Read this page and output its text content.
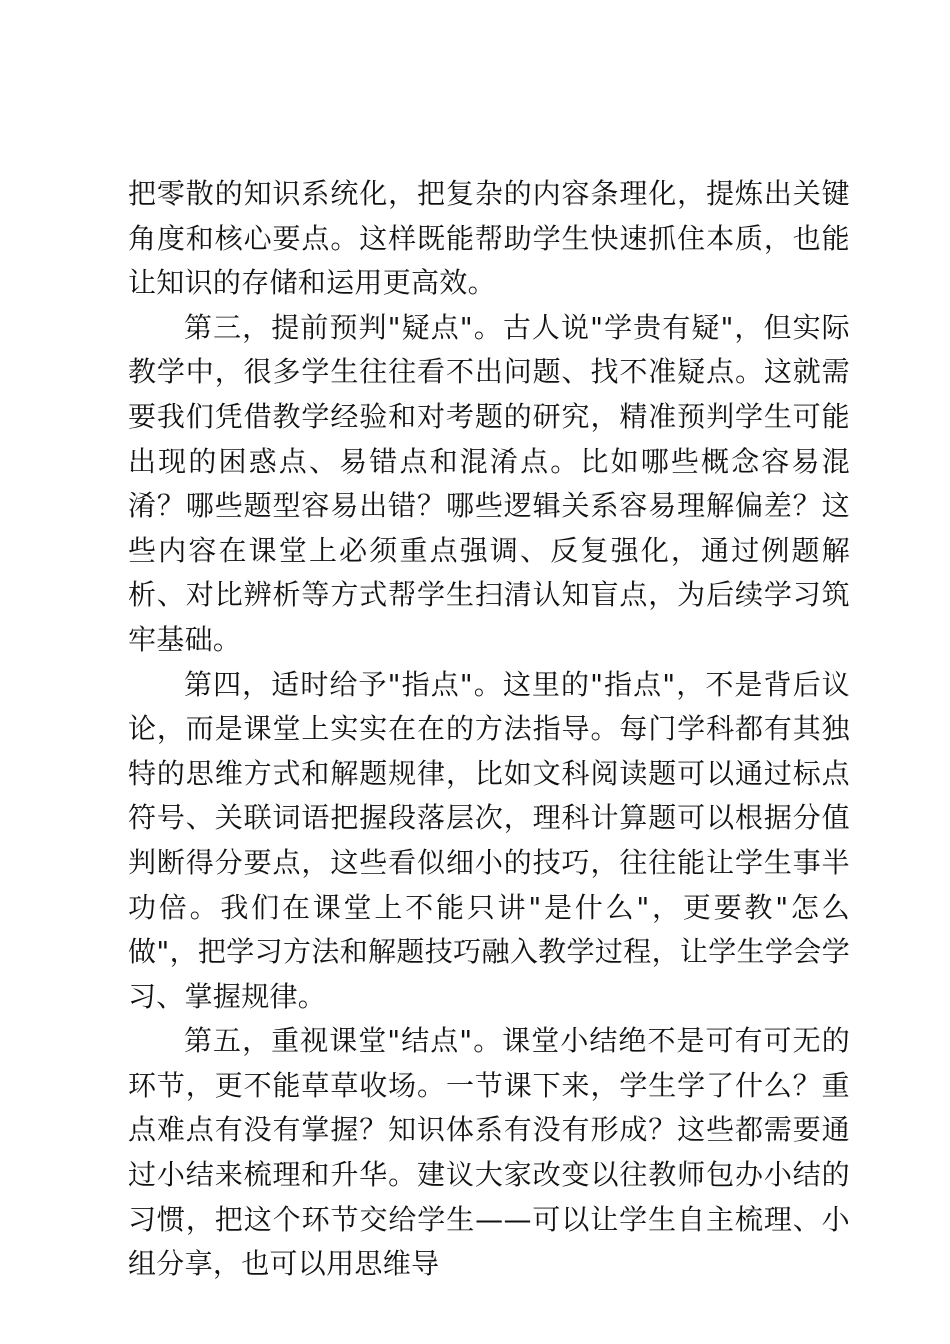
把零散的知识系统化，把复杂的内容条理化，提炼出关键角度和核心要点。这样既能帮助学生快速抓住本质，也能让知识的存储和运用更高效。

第三，提前预判"疑点"。古人说"学贵有疑"，但实际教学中，很多学生往往看不出问题、找不准疑点。这就需要我们凭借教学经验和对考题的研究，精准预判学生可能出现的困惑点、易错点和混淆点。比如哪些概念容易混淆？哪些题型容易出错？哪些逻辑关系容易理解偏差？这些内容在课堂上必须重点强调、反复强化，通过例题解析、对比辨析等方式帮学生扫清认知盲点，为后续学习筑牢基础。

第四，适时给予"指点"。这里的"指点"，不是背后议论，而是课堂上实实在在的方法指导。每门学科都有其独特的思维方式和解题规律，比如文科阅读题可以通过标点符号、关联词语把握段落层次，理科计算题可以根据分值判断得分要点，这些看似细小的技巧，往往能让学生事半功倍。我们在课堂上不能只讲"是什么"，更要教"怎么做"，把学习方法和解题技巧融入教学过程，让学生学会学习、掌握规律。

第五，重视课堂"结点"。课堂小结绝不是可有可无的环节，更不能草草收场。一节课下来，学生学了什么？重点难点有没有掌握？知识体系有没有形成？这些都需要通过小结来梳理和升华。建议大家改变以往教师包办小结的习惯，把这个环节交给学生——可以让学生自主梳理、小组分享，也可以用思维导
